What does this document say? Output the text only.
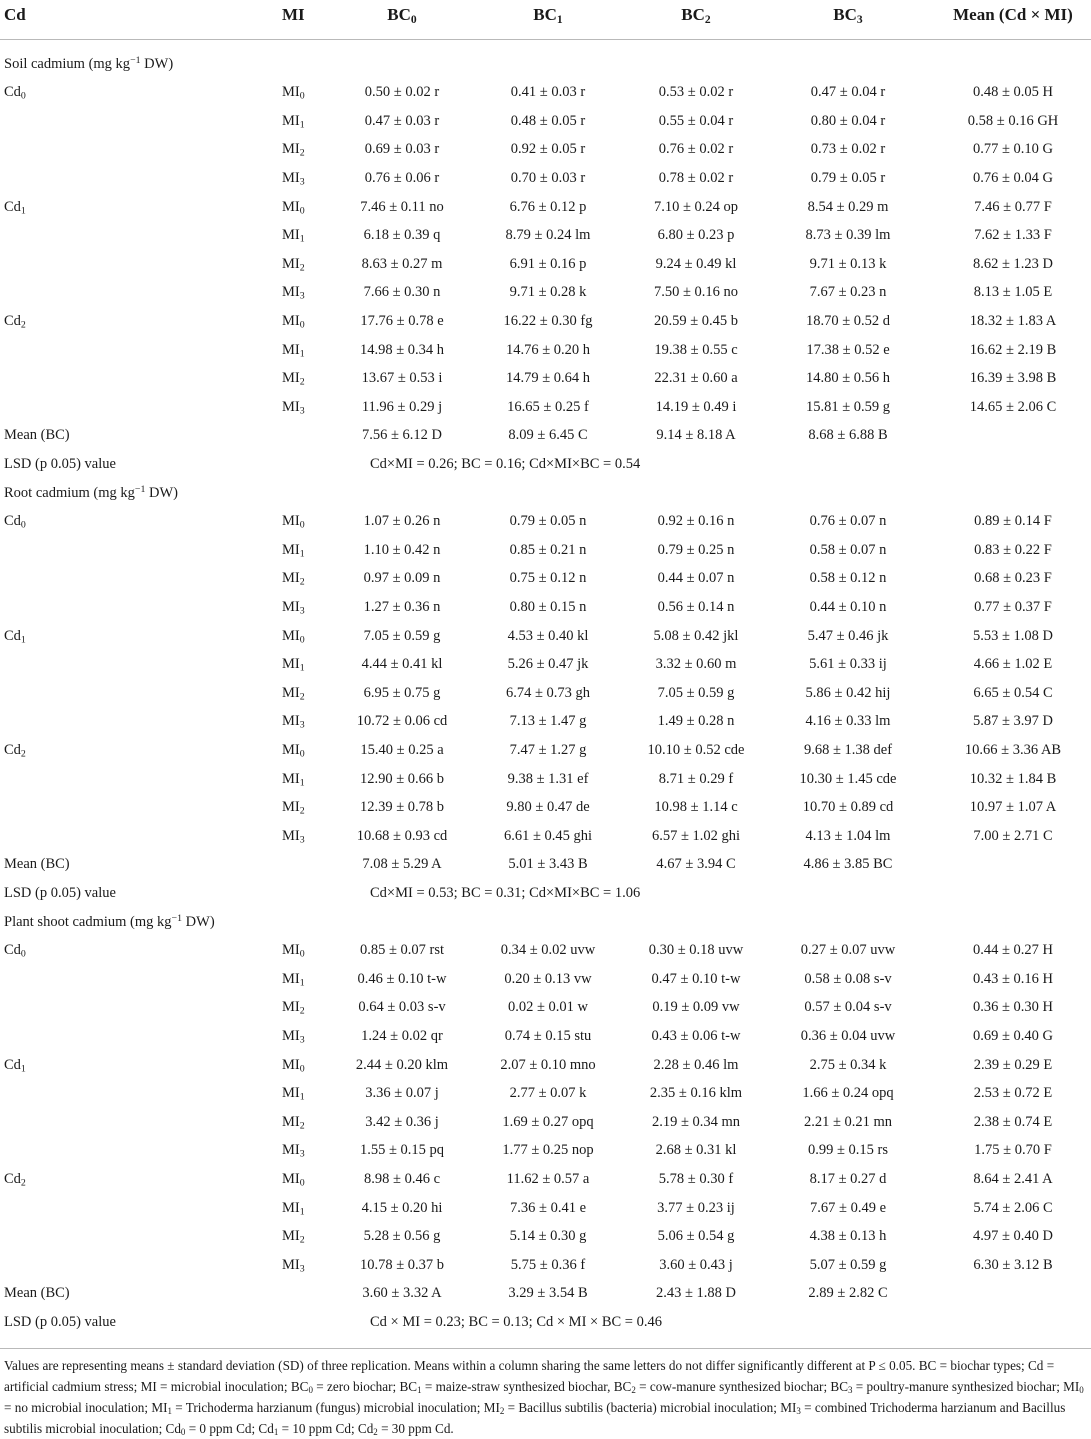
Cd	MI	$BC_0$	$BC_1$	$BC_2$	$BC_3$	Mean (Cd × MI)
Soil cadmium (mg $kg^{-1}$ DW)
$Cd_0$	$MI_0$	0.50 ± 0.02 r	0.41 ± 0.03 r	0.53 ± 0.02 r	0.47 ± 0.04 r	0.48 ± 0.05 H
$MI_1$	0.47 ± 0.03 r	0.48 ± 0.05 r	0.55 ± 0.04 r	0.80 ± 0.04 r	0.58 ± 0.16 GH
$MI_2$	0.69 ± 0.03 r	0.92 ± 0.05 r	0.76 ± 0.02 r	0.73 ± 0.02 r	0.77 ± 0.10 G
$MI_3$	0.76 ± 0.06 r	0.70 ± 0.03 r	0.78 ± 0.02 r	0.79 ± 0.05 r	0.76 ± 0.04 G
$Cd_1$	$MI_0$	7.46 ± 0.11 no	6.76 ± 0.12 p	7.10 ± 0.24 op	8.54 ± 0.29 m	7.46 ± 0.77 F
$MI_1$	6.18 ± 0.39 q	8.79 ± 0.24 lm	6.80 ± 0.23 p	8.73 ± 0.39 lm	7.62 ± 1.33 F
$MI_2$	8.63 ± 0.27 m	6.91 ± 0.16 p	9.24 ± 0.49 kl	9.71 ± 0.13 k	8.62 ± 1.23 D
$MI_3$	7.66 ± 0.30 n	9.71 ± 0.28 k	7.50 ± 0.16 no	7.67 ± 0.23 n	8.13 ± 1.05 E
$Cd_2$	$MI_0$	17.76 ± 0.78 e	16.22 ± 0.30 fg	20.59 ± 0.45 b	18.70 ± 0.52 d	18.32 ± 1.83 A
$MI_1$	14.98 ± 0.34 h	14.76 ± 0.20 h	19.38 ± 0.55 c	17.38 ± 0.52 e	16.62 ± 2.19 B
$MI_2$	13.67 ± 0.53 i	14.79 ± 0.64 h	22.31 ± 0.60 a	14.80 ± 0.56 h	16.39 ± 3.98 B
$MI_3$	11.96 ± 0.29 j	16.65 ± 0.25 f	14.19 ± 0.49 i	15.81 ± 0.59 g	14.65 ± 2.06 C
Mean (BC)	7.56 ± 6.12 D	8.09 ± 6.45 C	9.14 ± 8.18 A	8.68 ± 6.88 B
LSD (p 0.05) value	Cd×MI = 0.26; BC = 0.16; Cd×MI×BC = 0.54
Root cadmium (mg $kg^{-1}$ DW)
$Cd_0$	$MI_0$	1.07 ± 0.26 n	0.79 ± 0.05 n	0.92 ± 0.16 n	0.76 ± 0.07 n	0.89 ± 0.14 F
$MI_1$	1.10 ± 0.42 n	0.85 ± 0.21 n	0.79 ± 0.25 n	0.58 ± 0.07 n	0.83 ± 0.22 F
$MI_2$	0.97 ± 0.09 n	0.75 ± 0.12 n	0.44 ± 0.07 n	0.58 ± 0.12 n	0.68 ± 0.23 F
$MI_3$	1.27 ± 0.36 n	0.80 ± 0.15 n	0.56 ± 0.14 n	0.44 ± 0.10 n	0.77 ± 0.37 F
$Cd_1$	$MI_0$	7.05 ± 0.59 g	4.53 ± 0.40 kl	5.08 ± 0.42 jkl	5.47 ± 0.46 jk	5.53 ± 1.08 D
$MI_1$	4.44 ± 0.41 kl	5.26 ± 0.47 jk	3.32 ± 0.60 m	5.61 ± 0.33 ij	4.66 ± 1.02 E
$MI_2$	6.95 ± 0.75 g	6.74 ± 0.73 gh	7.05 ± 0.59 g	5.86 ± 0.42 hij	6.65 ± 0.54 C
$MI_3$	10.72 ± 0.06 cd	7.13 ± 1.47 g	1.49 ± 0.28 n	4.16 ± 0.33 lm	5.87 ± 3.97 D
$Cd_2$	$MI_0$	15.40 ± 0.25 a	7.47 ± 1.27 g	10.10 ± 0.52 cde	9.68 ± 1.38 def	10.66 ± 3.36 AB
$MI_1$	12.90 ± 0.66 b	9.38 ± 1.31 ef	8.71 ± 0.29 f	10.30 ± 1.45 cde	10.32 ± 1.84 B
$MI_2$	12.39 ± 0.78 b	9.80 ± 0.47 de	10.98 ± 1.14 c	10.70 ± 0.89 cd	10.97 ± 1.07 A
$MI_3$	10.68 ± 0.93 cd	6.61 ± 0.45 ghi	6.57 ± 1.02 ghi	4.13 ± 1.04 lm	7.00 ± 2.71 C
Mean (BC)	7.08 ± 5.29 A	5.01 ± 3.43 B	4.67 ± 3.94 C	4.86 ± 3.85 BC
LSD (p 0.05) value	Cd×MI = 0.53; BC = 0.31; Cd×MI×BC = 1.06
Plant shoot cadmium (mg $kg^{-1}$ DW)
$Cd_0$	$MI_0$	0.85 ± 0.07 rst	0.34 ± 0.02 uvw	0.30 ± 0.18 uvw	0.27 ± 0.07 uvw	0.44 ± 0.27 H
$MI_1$	0.46 ± 0.10 t-w	0.20 ± 0.13 vw	0.47 ± 0.10 t-w	0.58 ± 0.08 s-v	0.43 ± 0.16 H
$MI_2$	0.64 ± 0.03 s-v	0.02 ± 0.01 w	0.19 ± 0.09 vw	0.57 ± 0.04 s-v	0.36 ± 0.30 H
$MI_3$	1.24 ± 0.02 qr	0.74 ± 0.15 stu	0.43 ± 0.06 t-w	0.36 ± 0.04 uvw	0.69 ± 0.40 G
$Cd_1$	$MI_0$	2.44 ± 0.20 klm	2.07 ± 0.10 mno	2.28 ± 0.46 lm	2.75 ± 0.34 k	2.39 ± 0.29 E
$MI_1$	3.36 ± 0.07 j	2.77 ± 0.07 k	2.35 ± 0.16 klm	1.66 ± 0.24 opq	2.53 ± 0.72 E
$MI_2$	3.42 ± 0.36 j	1.69 ± 0.27 opq	2.19 ± 0.34 mn	2.21 ± 0.21 mn	2.38 ± 0.74 E
$MI_3$	1.55 ± 0.15 pq	1.77 ± 0.25 nop	2.68 ± 0.31 kl	0.99 ± 0.15 rs	1.75 ± 0.70 F
$Cd_2$	$MI_0$	8.98 ± 0.46 c	11.62 ± 0.57 a	5.78 ± 0.30 f	8.17 ± 0.27 d	8.64 ± 2.41 A
$MI_1$	4.15 ± 0.20 hi	7.36 ± 0.41 e	3.77 ± 0.23 ij	7.67 ± 0.49 e	5.74 ± 2.06 C
$MI_2$	5.28 ± 0.56 g	5.14 ± 0.30 g	5.06 ± 0.54 g	4.38 ± 0.13 h	4.97 ± 0.40 D
$MI_3$	10.78 ± 0.37 b	5.75 ± 0.36 f	3.60 ± 0.43 j	5.07 ± 0.59 g	6.30 ± 3.12 B
Mean (BC)	3.60 ± 3.32 A	3.29 ± 3.54 B	2.43 ± 1.88 D	2.89 ± 2.82 C
LSD (p 0.05) value	Cd × MI = 0.23; BC = 0.13; Cd × MI × BC = 0.46
Values are representing means ± standard deviation (SD) of three replication. Means within a column sharing the same letters do not differ significantly different at P ≤ 0.05. BC = biochar types; Cd = artificial cadmium stress; MI = microbial inoculation; $BC_0$ = zero biochar; $BC_1$ = maize-straw synthesized biochar, $BC_2$ = cow-manure synthesized biochar; $BC_3$ = poultry-manure synthesized biochar; $MI_0$ = no microbial inoculation; $MI_1$ = Trichoderma harzianum (fungus) microbial inoculation; $MI_2$ = Bacillus subtilis (bacteria) microbial inoculation; $MI_3$ = combined Trichoderma harzianum and Bacillus subtilis microbial inoculation; $Cd_0 = 0$ ppm Cd; $Cd_1 = 10$ ppm Cd; $Cd_2 = 30$ ppm Cd.
